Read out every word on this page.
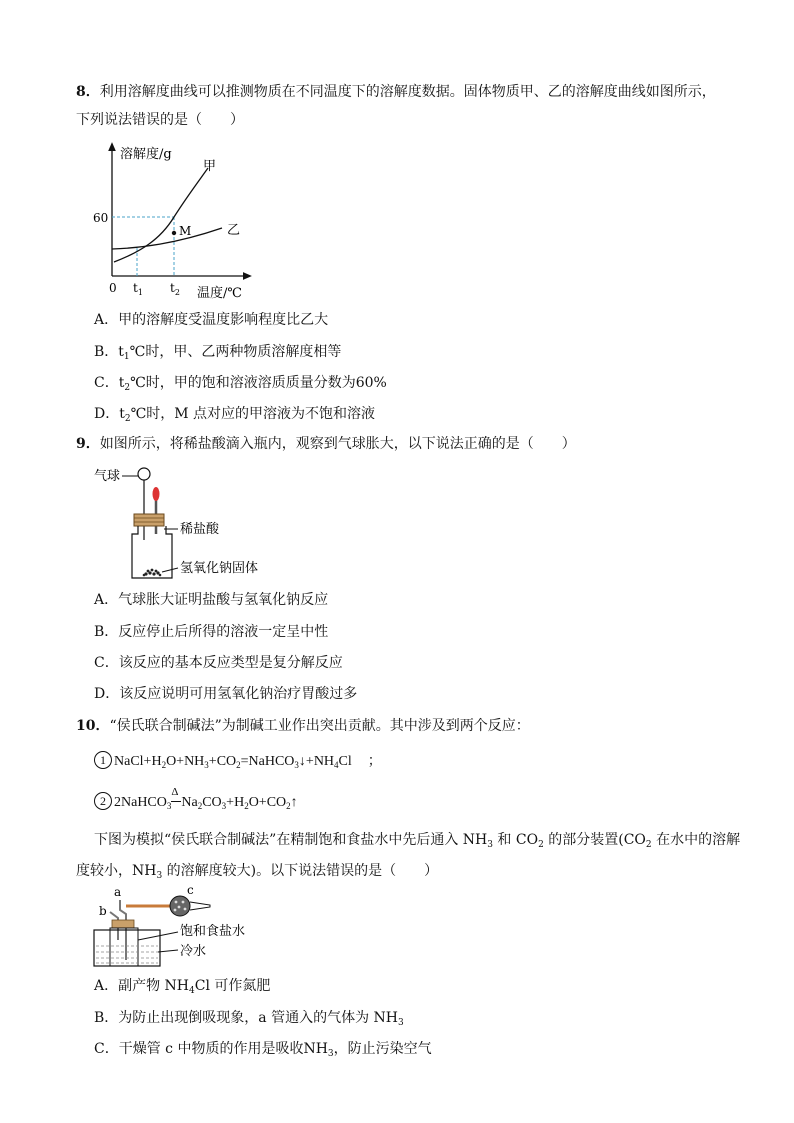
8．利用溶解度曲线可以推测物质在不同温度下的溶解度数据。固体物质甲、乙的溶解度曲线如图所示，
下列说法错误的是（　　）
溶解度/g
温度/℃
0
60
甲
乙
M
$t_1$ $t_2$
A．甲的溶解度受温度影响程度比乙大
B．$t_1℃$时，甲、乙两种物质溶解度相等
C．$t_2℃$时，甲的饱和溶液溶质质量分数为60%
D．$t_2℃$时，M 点对应的甲溶液为不饱和溶液
9．如图所示，将稀盐酸滴入瓶内，观察到气球胀大，以下说法正确的是（　　）
气球
稀盐酸
氢氧化钠固体
A．气球胀大证明盐酸与氢氧化钠反应
B．反应停止后所得的溶液一定呈中性
C．该反应的基本反应类型是复分解反应
D．该反应说明可用氢氧化钠治疗胃酸过多
10．“侯氏联合制碱法”为制碱工业作出突出贡献。其中涉及到两个反应：
1 $NaCl+H_2O+NH_3+CO_2=NaHCO_3↓+NH_4Cl$ ；
2 2NaHCO$_3$
Δ
$Na_2CO_3+H_2O+CO_2↑$
下图为模拟“侯氏联合制碱法”在精制饱和食盐水中先后通入 $NH_3$ 和 $CO_2$ 的部分装置($CO_2$ 在水中的溶解
度较小，$NH_3$ 的溶解度较大)。以下说法错误的是（　　）
a
b
c
饱和食盐水
冷水
A．副产物 $NH_4Cl$ 可作氮肥
B．为防止出现倒吸现象，a 管通入的气体为 $NH_3$
C．干燥管 c 中物质的作用是吸收$NH_3$，防止污染空气
